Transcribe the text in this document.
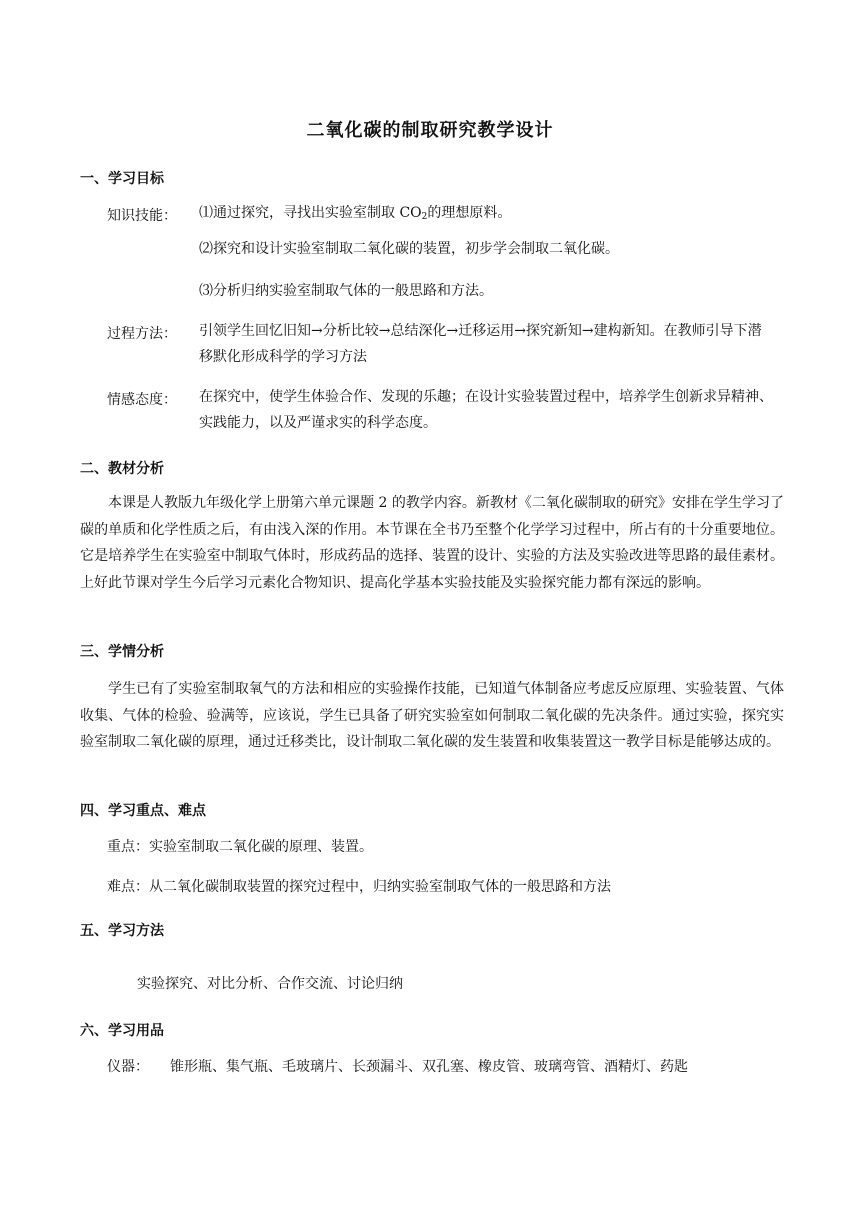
二氧化碳的制取研究教学设计
一、学习目标
知识技能： ⑴通过探究，寻找出实验室制取 $CO_2$的理想原料。
⑵探究和设计实验室制取二氧化碳的装置，初步学会制取二氧化碳。
⑶分析归纳实验室制取气体的一般思路和方法。
过程方法： 引领学生回忆旧知→分析比较→总结深化→迁移运用→探究新知→建构新知。在教师引导下潜移默化形成科学的学习方法
情感态度： 在探究中，使学生体验合作、发现的乐趣；在设计实验装置过程中，培养学生创新求异精神、实践能力，以及严谨求实的科学态度。
二、教材分析
本课是人教版九年级化学上册第六单元课题 2 的教学内容。新教材《二氧化碳制取的研究》安排在学生学习了碳的单质和化学性质之后，有由浅入深的作用。本节课在全书乃至整个化学学习过程中，所占有的十分重要地位。它是培养学生在实验室中制取气体时，形成药品的选择、装置的设计、实验的方法及实验改进等思路的最佳素材。上好此节课对学生今后学习元素化合物知识、提高化学基本实验技能及实验探究能力都有深远的影响。
三、学情分析
学生已有了实验室制取氧气的方法和相应的实验操作技能，已知道气体制备应考虑反应原理、实验装置、气体收集、气体的检验、验满等，应该说，学生已具备了研究实验室如何制取二氧化碳的先决条件。通过实验，探究实验室制取二氧化碳的原理，通过迁移类比，设计制取二氧化碳的发生装置和收集装置这一教学目标是能够达成的。
四、学习重点、难点
重点：实验室制取二氧化碳的原理、装置。
难点：从二氧化碳制取装置的探究过程中，归纳实验室制取气体的一般思路和方法
五、学习方法
实验探究、对比分析、合作交流、讨论归纳
六、学习用品
仪器： 锥形瓶、集气瓶、毛玻璃片、长颈漏斗、双孔塞、橡皮管、玻璃弯管、酒精灯、药匙
